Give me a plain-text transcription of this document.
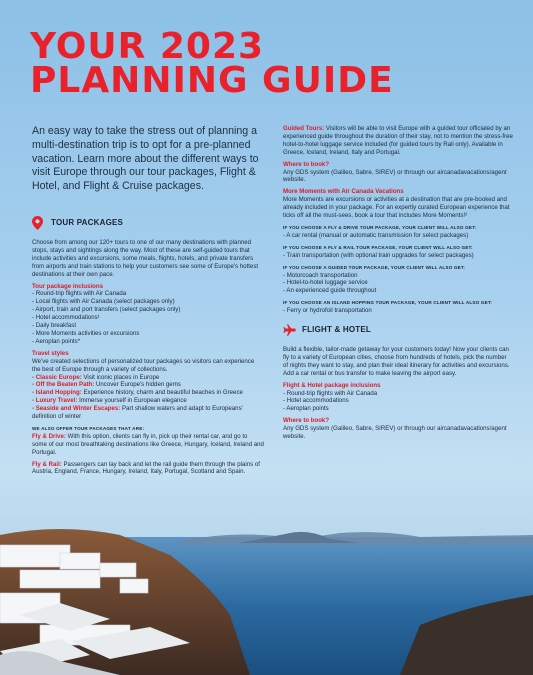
YOUR 2023
PLANNING GUIDE
An easy way to take the stress out of planning a multi-destination trip is to opt for a pre-planned vacation. Learn more about the different ways to visit Europe through our tour packages, Flight & Hotel, and Flight & Cruise packages.
TOUR PACKAGES

Choose from among our 120+ tours to one of our many destinations with planned stops, stays and sightings along the way. Most of these are self-guided tours that include activities and excursions, some meals, flights, hotels, and private transfers from airports and train stations to help your customers see some of Europe's hottest destinations at their own pace.

Tour package inclusions
- Round-trip flights with Air Canada
- Local flights with Air Canada (select packages only)
- Airport, train and port transfers (select packages only)
- Hotel accommodations¹
- Daily breakfast
- More Moments activities or excursions
- Aeroplan points*
Travel styles
We've created selections of personalized tour packages so visitors can experience the best of Europe through a variety of collections.
- Classic Europe: Visit iconic places in Europe
- Off the Beaten Path: Uncover Europe's hidden gems
- Island Hopping: Experience history, charm and beautiful beaches in Greece
- Luxury Travel: Immerse yourself in European elegance
- Seaside and Winter Escapes: Part shallow waters and adapt to Europeans' definition of winter
WE ALSO OFFER TOUR PACKAGES THAT ARE:

Fly & Drive: With this option, clients can fly in, pick up their rental car, and go to some of our most breathtaking destinations like Greece, Hungary, Iceland, Ireland and Portugal.

Fly & Rail: Passengers can lay back and let the rail guide them through the plains of Austria, England, France, Hungary, Ireland, Italy, Portugal, Scotland and Spain.

Guided Tours: Visitors will be able to visit Europe with a guided tour officiated by an experienced guide throughout the duration of their stay, not to mention the stress-free hotel-to-hotel luggage service included (for guided tours by Rail only). Available in Greece, Iceland, Ireland, Italy and Portugal.

Where to book?

Any GDS system (Galileo, Sabre, SIREV) or through our aircanadavacations/agent website.

More Moments with Air Canada Vacations

More Moments are excursions or activities at a destination that are pre-booked and already included in your package. For an expertly curated European experience that ticks off all the must-sees, book a tour that includes More Moments!²

IF YOU CHOOSE A FLY & DRIVE TOUR PACKAGE, YOUR CLIENT WILL ALSO GET:
- A car rental (manual or automatic transmission for select packages)
IF YOU CHOOSE A FLY & RAIL TOUR PACKAGE, YOUR CLIENT WILL ALSO GET:
- Train transportation (with optional train upgrades for select packages)
IF YOU CHOOSE A GUIDED TOUR PACKAGE, YOUR CLIENT WILL ALSO GET:
- Motorcoach transportation
- Hotel-to-hotel luggage service
- An experienced guide throughout
IF YOU CHOOSE AN ISLAND HOPPING TOUR PACKAGE, YOUR CLIENT WILL ALSO GET:
- Ferry or hydrofoil transportation
FLIGHT & HOTEL

Build a flexible, tailor-made getaway for your customers today! Now your clients can fly to a variety of European cities, choose from hundreds of hotels, pick the number of nights they want to stay, and plan their ideal itinerary for activities and excursions. Add a car rental or bus transfer to make leaving the airport easy.

Flight & Hotel package inclusions
- Round-trip flights with Air Canada
- Hotel accommodations
- Aeroplan points
Where to book?

Any GDS system (Galileo, Sabre, SIREV) or through our aircanadavacations/agent website.
